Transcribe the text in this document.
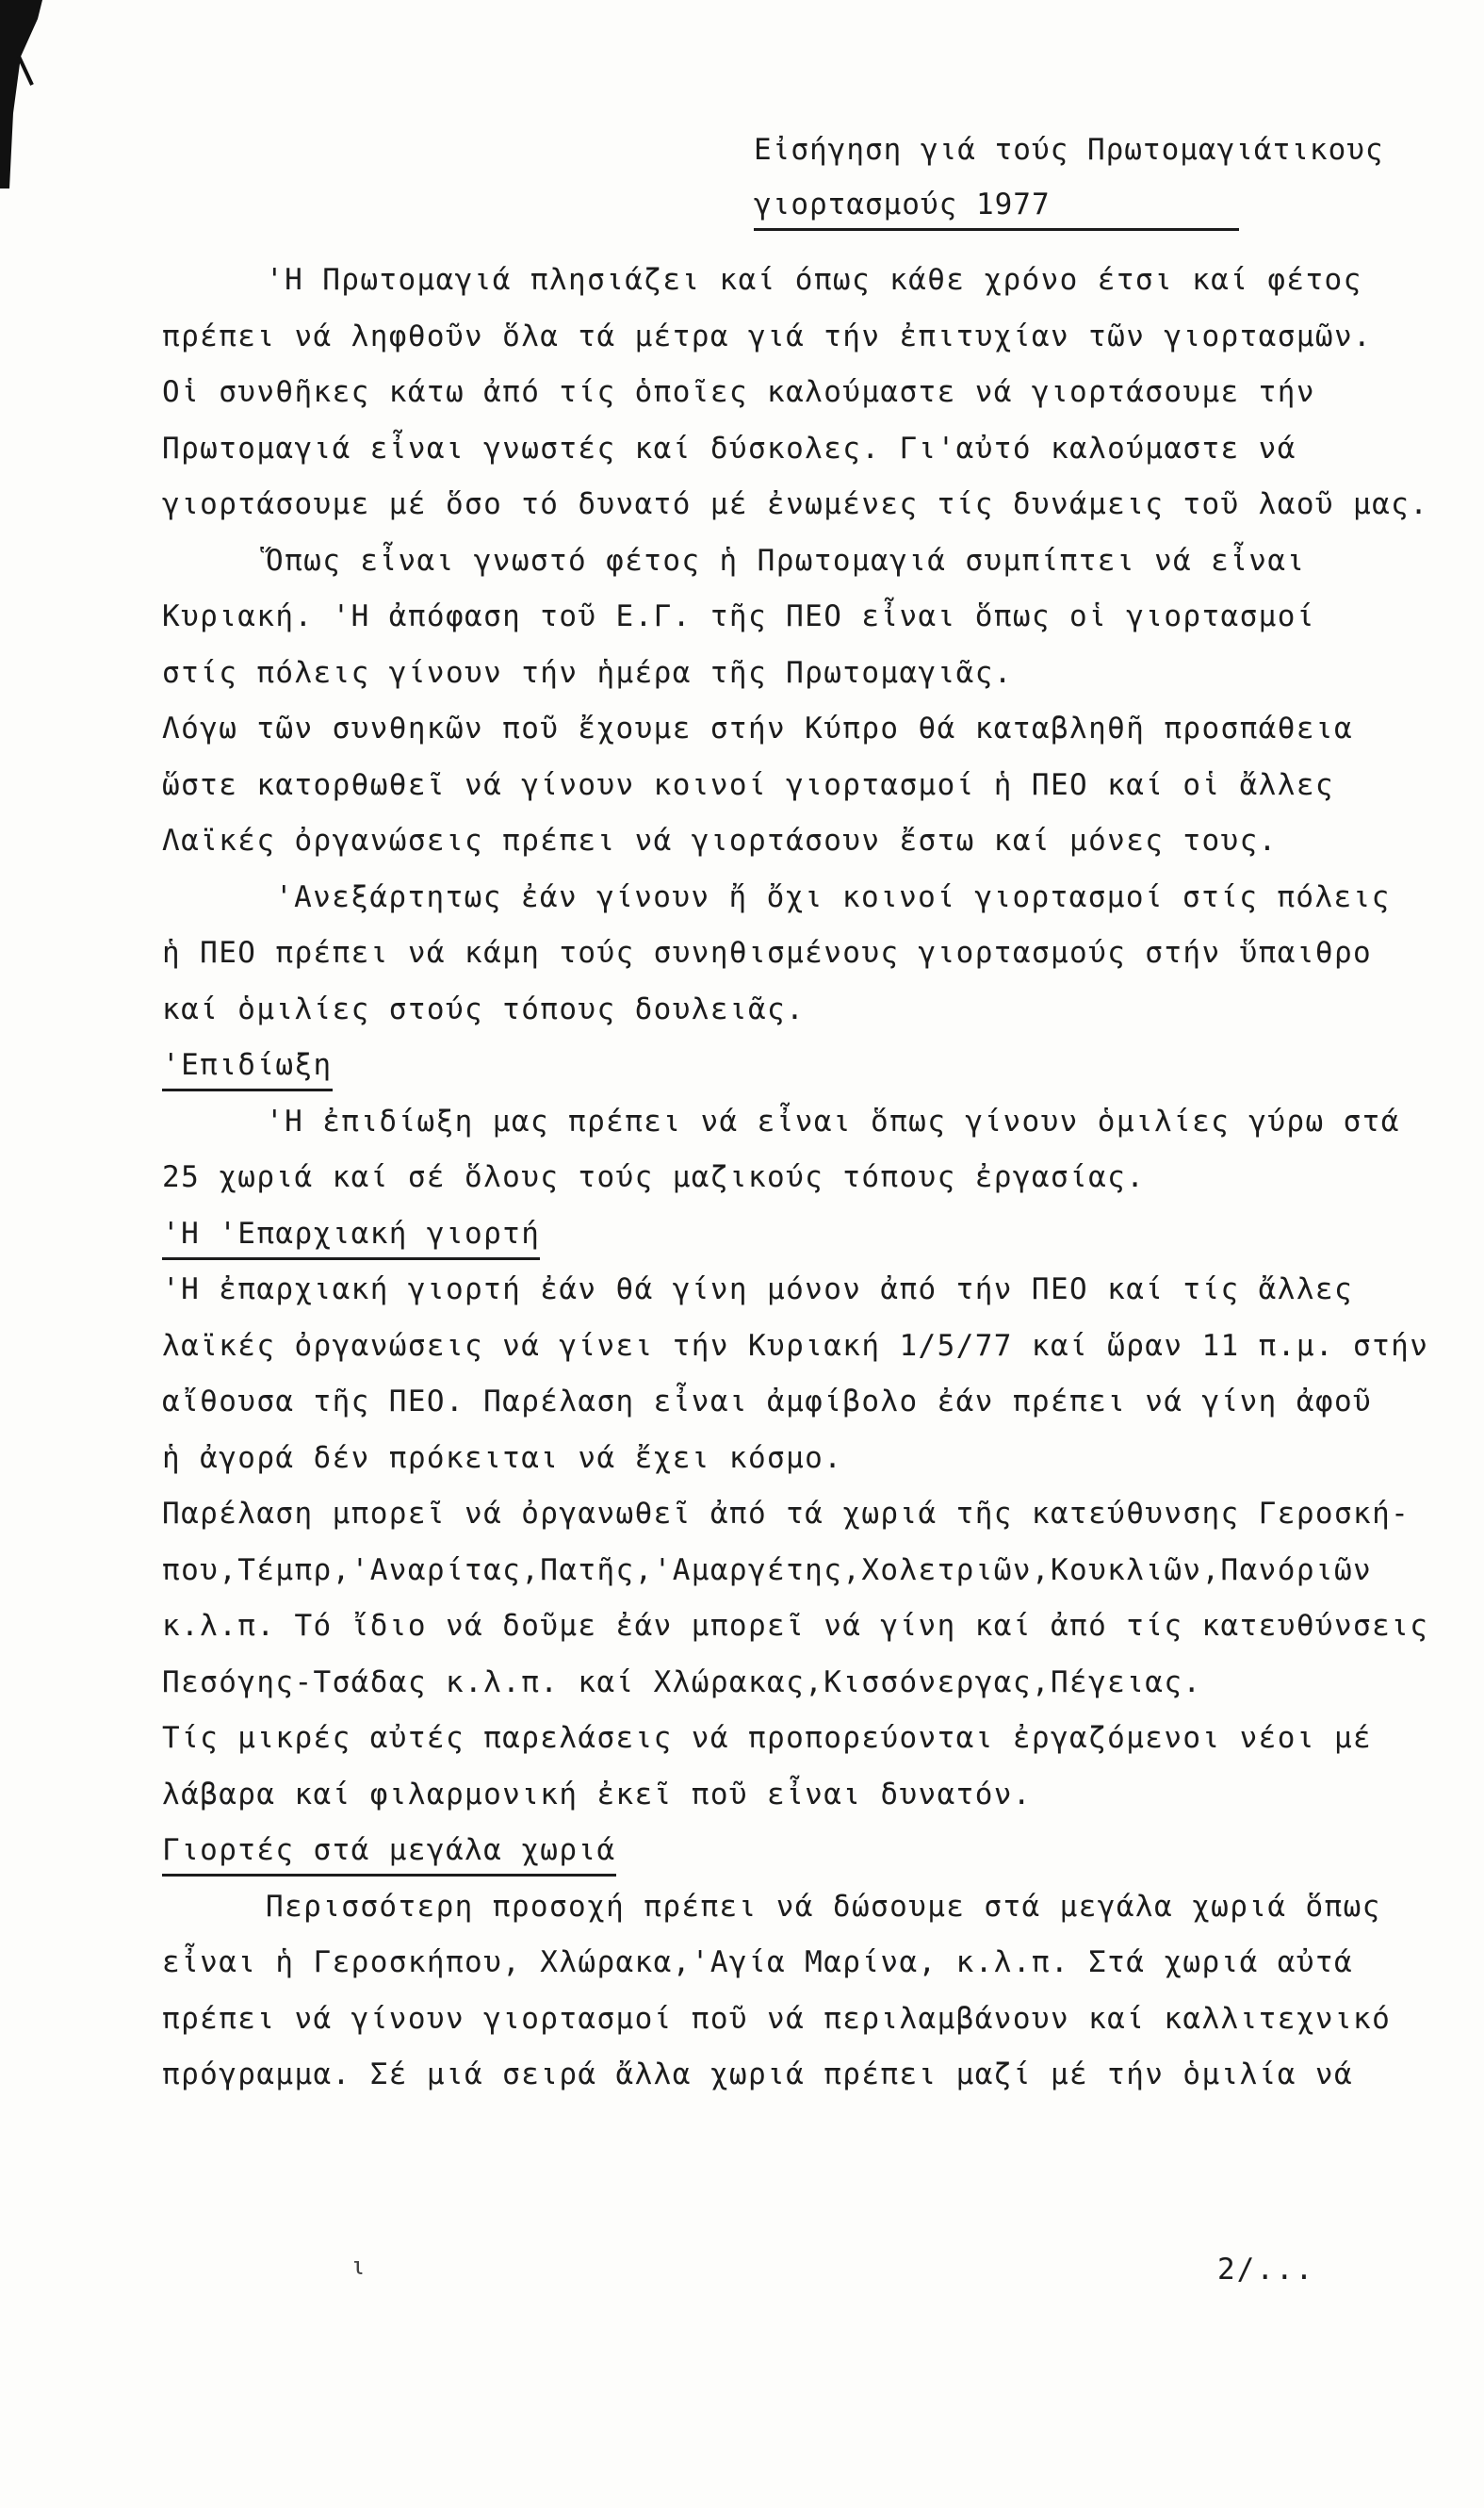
Εἰσήγηση γιά τούς Πρωτομαγιάτικους
γιορτασμούς 1977
'Η Πρωτομαγιά πλησιάζει καί όπως κάθε χρόνο έτσι καί φέτος
πρέπει νά ληφθοῦν ὅλα τά μέτρα γιά τήν ἐπιτυχίαν τῶν γιορτασμῶν.
Οἱ συνθῆκες κάτω ἀπό τίς ὁποῖες καλούμαστε νά γιορτάσουμε τήν
Πρωτομαγιά εἶναι γνωστές καί δύσκολες. Γι'αὐτό καλούμαστε νά
γιορτάσουμε μέ ὅσο τό δυνατό μέ ἐνωμένες τίς δυνάμεις τοῦ λαοῦ μας.
Ὅπως εἶναι γνωστό φέτος ἡ Πρωτομαγιά συμπίπτει νά εἶναι
Κυριακή. 'Η ἀπόφαση τοῦ Ε.Γ. τῆς ΠΕΟ εἶναι ὅπως οἱ γιορτασμοί
στίς πόλεις γίνουν τήν ἡμέρα τῆς Πρωτομαγιᾶς.
Λόγω τῶν συνθηκῶν ποῦ ἔχουμε στήν Κύπρο θά καταβληθῆ προσπάθεια
ὥστε κατορθωθεῖ νά γίνουν κοινοί γιορτασμοί ἡ ΠΕΟ καί οἱ ἄλλες
Λαϊκές ὀργανώσεις πρέπει νά γιορτάσουν ἔστω καί μόνες τους.
'Ανεξάρτητως ἐάν γίνουν ἤ ὄχι κοινοί γιορτασμοί στίς πόλεις
ἡ ΠΕΟ πρέπει νά κάμη τούς συνηθισμένους γιορτασμούς στήν ὕπαιθρο
καί ὁμιλίες στούς τόπους δουλειᾶς.
'Επιδίωξη
'Η ἐπιδίωξη μας πρέπει νά εἶναι ὅπως γίνουν ὁμιλίες γύρω στά
25 χωριά καί σέ ὅλους τούς μαζικούς τόπους ἐργασίας.
'Η 'Επαρχιακή γιορτή
'Η ἐπαρχιακή γιορτή ἐάν θά γίνη μόνον ἀπό τήν ΠΕΟ καί τίς ἄλλες
λαϊκές ὀργανώσεις νά γίνει τήν Κυριακή 1/5/77 καί ὥραν 11 π.μ. στήν
αἴθουσα τῆς ΠΕΟ. Παρέλαση εἶναι ἀμφίβολο ἐάν πρέπει νά γίνη ἀφοῦ
ἡ ἀγορά δέν πρόκειται νά ἔχει κόσμο.
Παρέλαση μπορεῖ νά ὀργανωθεῖ ἀπό τά χωριά τῆς κατεύθυνσης Γεροσκή-
που,Τέμπρ,'Αναρίτας,Πατῆς,'Αμαργέτης,Χολετριῶν,Κουκλιῶν,Πανόριῶν
κ.λ.π. Τό ἴδιο νά δοῦμε ἐάν μπορεῖ νά γίνη καί ἀπό τίς κατευθύνσεις
Πεσόγης-Τσάδας κ.λ.π. καί Χλώρακας,Κισσόνεργας,Πέγειας.
Τίς μικρές αὐτές παρελάσεις νά προπορεύονται ἐργαζόμενοι νέοι μέ
λάβαρα καί φιλαρμονική ἐκεῖ ποῦ εἶναι δυνατόν.
Γιορτές στά μεγάλα χωριά
Περισσότερη προσοχή πρέπει νά δώσουμε στά μεγάλα χωριά ὅπως
εἶναι ἡ Γεροσκήπου, Χλώρακα,'Αγία Μαρίνα, κ.λ.π. Στά χωριά αὐτά
πρέπει νά γίνουν γιορτασμοί ποῦ νά περιλαμβάνουν καί καλλιτεχνικό
πρόγραμμα. Σέ μιά σειρά ἄλλα χωριά πρέπει μαζί μέ τήν ὁμιλία νά
ι	2/...
